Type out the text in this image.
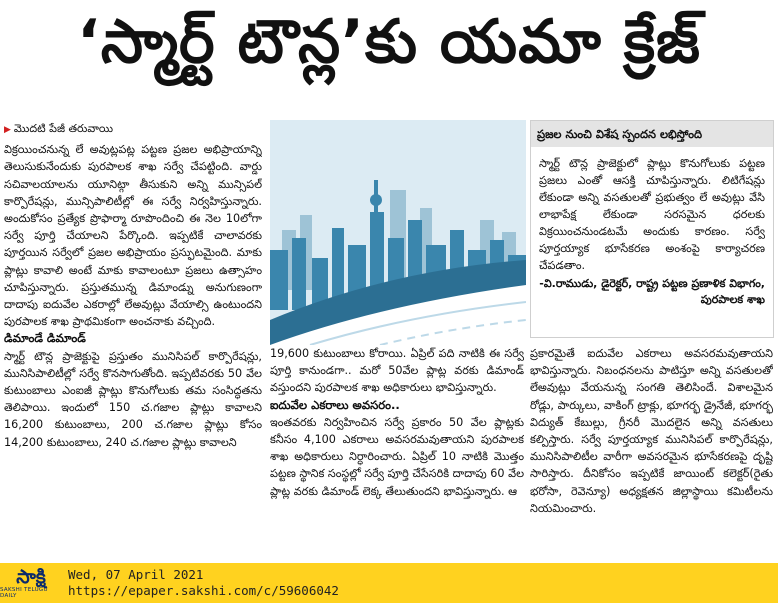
‘స్మార్ట్ టౌన్ల’కు యమా క్రేజ్
▶ మొదటి పేజీ తరువాయి

విక్రయించనున్న లే అవుట్లపట్ల పట్టణ ప్రజల అభిప్రాయాన్ని తెలుసుకునేందుకు పురపాలక శాఖ సర్వే చేపట్టింది. వార్డు సచివాలయాలను యూనిట్గా తీసుకుని అన్ని మున్సిపల్ కార్పొరేషన్లు, మున్సిపాలిటీల్లో ఈ సర్వే నిర్వహిస్తున్నారు. అందుకోసం ప్రత్యేక ప్రొఫార్మా రూపొందించి ఈ నెల 10లోగా సర్వే పూర్తి చేయాలని పేర్కొంది. ఇప్పటికే చాలావరకు పూర్తయిన సర్వేలో ప్రజల అభిప్రాయం ప్రస్ఫుటమైంది. మాకు ప్లాట్లు కావాలి అంటే మాకు కావాలంటూ ప్రజలు ఉత్సాహం చూపిస్తున్నారు. ప్రస్తుతమున్న డిమాండ్ను అనుగుణంగా దాదాపు ఐదువేల ఎకరాల్లో లేఅవుట్లు వేయాల్సి ఉంటుందని పురపాలక శాఖ ప్రాథమికంగా అంచనాకు వచ్చింది.

డిమాండే డిమాండ్

స్మార్ట్ టౌన్ల ప్రాజెక్టుపై ప్రస్తుతం మునిసిపల్ కార్పొరేషన్లు, మునిసిపాలిటీల్లో సర్వే కొనసాగుతోంది. ఇప్పటివరకు 50 వేల కుటుంబాలు ఎంఐజీ ప్లాట్లు కొనుగోలుకు తమ సంసిద్ధతను తెలిపాయి. ఇందులో 150 చ.గజాల ప్లాట్లు కావాలని 16,200 కుటుంబాలు, 200 చ.గజాల ప్లాట్లు కోసం 14,200 కుటుంబాలు, 240 చ.గజాల ప్లాట్లు కావాలని

ప్రజల నుంచి విశేష స్పందన లభిస్తోంది
స్మార్ట్ టౌన్ల ప్రాజెక్టులో ప్లాట్లు కొనుగోలుకు పట్టణ ప్రజలు ఎంతో ఆసక్తి చూపిస్తున్నారు. లిటిగేషన్లు లేకుండా అన్ని వసతులతో ప్రభుత్వం లే అవుట్లు వేసి లాభాపేక్ష లేకుండా సరసమైన ధరలకు విక్రయించనుండటమే అందుకు కారణం. సర్వే పూర్తయ్యాక భూసేకరణ అంశంపై కార్యాచరణ చేపడతాం.
-వి.రాముడు, డైరెక్టర్, రాష్ట్ర పట్టణ ప్రణాళిక విభాగం, పురపాలక శాఖ

19,600 కుటుంబాలు కోరాయి. ఏప్రిల్ పది నాటికి ఈ సర్వే పూర్తి కానుండగా.. మరో 50వేల ప్లాట్ల వరకు డిమాండ్ వస్తుందని పురపాలక శాఖ అధికారులు భావిస్తున్నారు.

ఐదువేల ఎకరాలు అవసరం..

ఇంతవరకు నిర్వహించిన సర్వే ప్రకారం 50 వేల ప్లాట్లకు కనీసం 4,100 ఎకరాలు అవసరమవుతాయని పురపాలక శాఖ అధికారులు నిర్ధారించారు. ఏప్రిల్ 10 నాటికి మొత్తం పట్టణ స్థానిక సంస్థల్లో సర్వే పూర్తి చేసేసరికి దాదాపు 60 వేల ప్లాట్ల వరకు డిమాండ్ లెక్క తేలుతుందని భావిస్తున్నారు. ఆ

ప్రకారమైతే ఐదువేల ఎకరాలు అవసరమవుతాయని భావిస్తున్నారు. నిబంధనలను పాటిస్తూ అన్ని వసతులతో లేఅవుట్లు వేయనున్న సంగతి తెలిసిందే. విశాలమైన రోడ్లు, పార్కులు, వాకింగ్ ట్రాక్లు, భూగర్భ డ్రైనేజీ, భూగర్భ విద్యుత్ కేబుల్లు, గ్రీనరీ మొదలైన అన్ని వసతులు కల్పిస్తారు. సర్వే పూర్తయ్యాక మునిసిపల్ కార్పొరేషన్లు, మునిసిపాలిటీల వారీగా అవసరమైన భూసేకరణపై దృష్టి సారిస్తారు. దీనికోసం ఇప్పటికే జాయింట్ కలెక్టర్(రైతు భరోసా, రెవెన్యూ) అధ్యక్షతన జిల్లాస్థాయి కమిటీలను నియమించారు.

సాక్షి
SAKSHI TELUGU DAILY
Wed, 07 April 2021
https://epaper.sakshi.com/c/59606042
